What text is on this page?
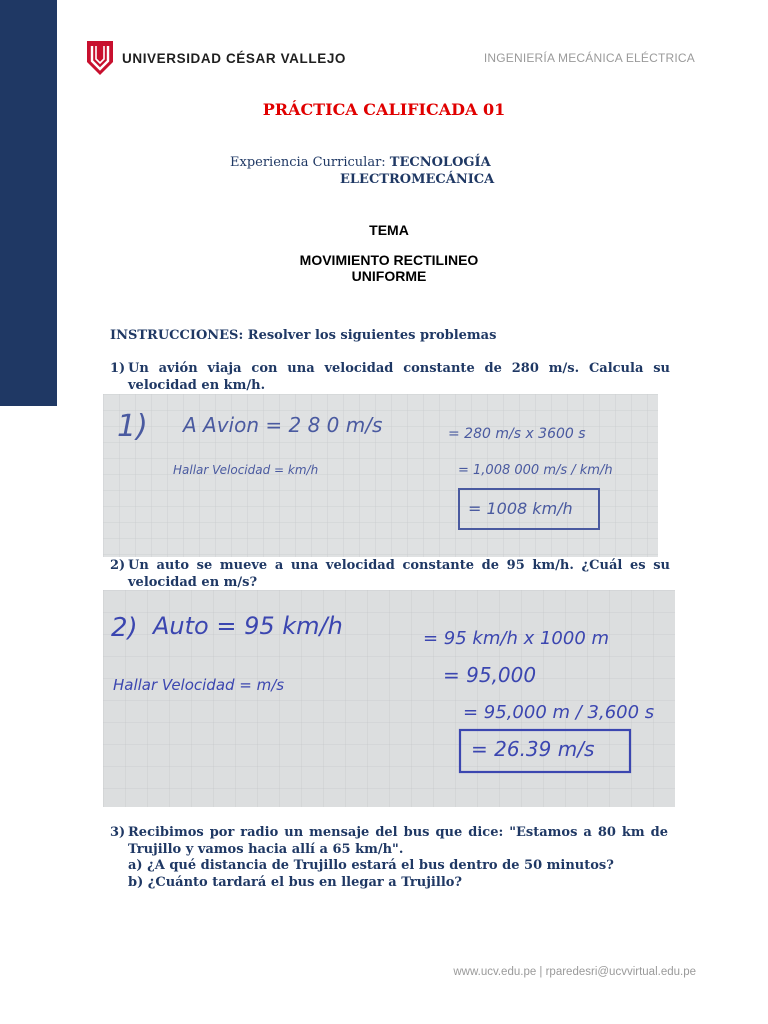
UNIVERSIDAD CÉSAR VALLEJO	INGENIERÍA MECÁNICA ELÉCTRICA
PRÁCTICA CALIFICADA 01
Experiencia Curricular: TECNOLOGÍA
ELECTROMECÁNICA
TEMA
MOVIMIENTO RECTILINEO
UNIFORME
INSTRUCCIONES: Resolver los siguientes problemas
1) Un avión viaja con una velocidad constante de 280 m/s. Calcula su velocidad en km/h.
1) A Avion = 2 8 0 m/s
Hallar Velocidad = km/h
= 280 m/s x 3600 s
= 1,008 000 m/s / km/h
= 1008 km/h
2) Un auto se mueve a una velocidad constante de 95 km/h. ¿Cuál es su velocidad en m/s?
2) Auto = 95 km/h
Hallar Velocidad = m/s
= 95 km/h x 1000 m
= 95,000
= 95,000 m / 3,600 s
= 26.39 m/s
3) Recibimos por radio un mensaje del bus que dice: "Estamos a 80 km de Trujillo y vamos hacia allí a 65 km/h".
a) ¿A qué distancia de Trujillo estará el bus dentro de 50 minutos?
b) ¿Cuánto tardará el bus en llegar a Trujillo?
www.ucv.edu.pe | rparedesri@ucvvirtual.edu.pe
